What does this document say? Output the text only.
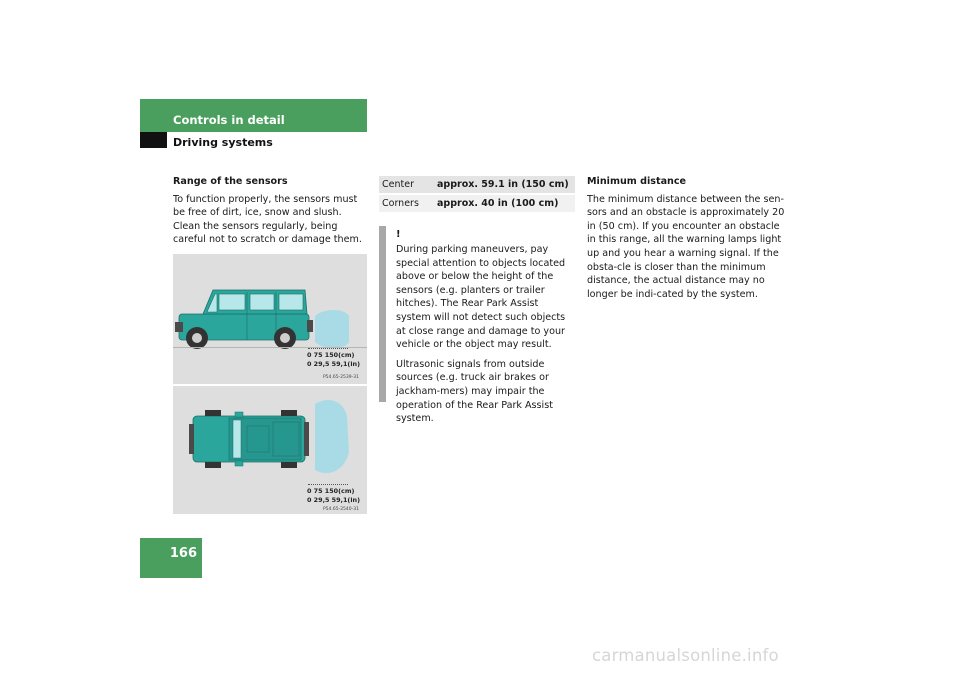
Controls in detail
Driving systems

Range of the sensors

To function properly, the sensors must be free of dirt, ice, snow and slush. Clean the sensors regularly, being careful not to scratch or damage them.

0 75 150(cm)
0 29,5 59,1(in)
P54.65-2539-31
0 75 150(cm)
0 29,5 59,1(in)
P54.65-2540-31
Center	approx. 59.1 in (150 cm)
Corners	approx. 40 in (100 cm)
!

During parking maneuvers, pay special attention to objects located above or below the height of the sensors (e.g. planters or trailer hitches). The Rear Park Assist system will not detect such objects at close range and damage to your vehicle or the object may result.

Ultrasonic signals from outside sources (e.g. truck air brakes or jackham-mers) may impair the operation of the Rear Park Assist system.

Minimum distance

The minimum distance between the sen-sors and an obstacle is approximately 20 in (50 cm). If you encounter an obstacle in this range, all the warning lamps light up and you hear a warning signal. If the obsta-cle is closer than the minimum distance, the actual distance may no longer be indi-cated by the system.

166
carmanualsonline.info
